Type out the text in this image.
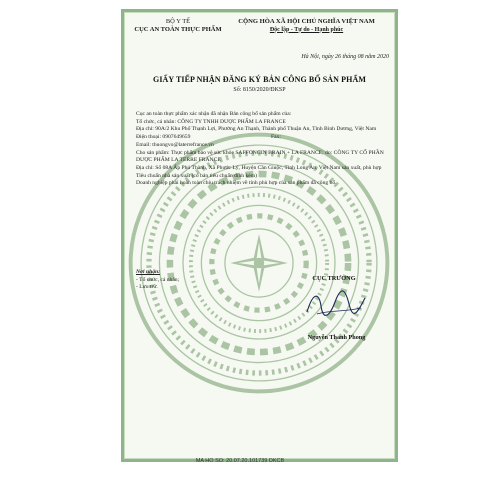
BỘ Y TẾ
CỤC AN TOÀN THỰC PHẨM
CỘNG HÒA XÃ HỘI CHỦ NGHĨA VIỆT NAM
Độc lập - Tự do - Hạnh phúc
Hà Nội, ngày 26 tháng 08 năm 2020
GIẤY TIẾP NHẬN ĐĂNG KÝ BẢN CÔNG BỐ SẢN PHẨM
Số: 8150/2020/ĐKSP

Cục an toàn thực phẩm xác nhận đã nhận Bản công bố sản phẩm của:

Tổ chức, cá nhân: CÔNG TY TNHH DƯỢC PHẨM LA FRANCE

Địa chỉ: 90A/2 Khu Phố Thạnh Lợi, Phường An Thạnh, Thành phố Thuận An, Tỉnh Bình Dương, Việt Nam

Điện thoại: 0907649659	Fax:

Email: thuongvo@laterrefrance.vn

Cho sản phẩm: Thực phẩm bảo vệ sức khỏe SAFFONGIN BRAIN + LA FRANCE; do: CÔNG TY CỔ PHẦN DƯỢC PHẨM LA TERRE FRANCE

Địa chỉ: Số 08A Ấp Phú Thành, Xã Phước Lý, Huyện Cần Giuộc, Tỉnh Long An, Việt Nam sản xuất, phù hợp

Tiêu chuẩn nhà sản xuất (có bản tiêu chuẩn đính kèm)

Doanh nghiệp phải hoàn toàn chịu trách nhiệm về tính phù hợp của sản phẩm đã công bố.

Nơi nhận:
- Tổ chức, cá nhân;
- Lưu trữ.
CỤC TRƯỞNG
Nguyễn Thanh Phong
MA HO SO: 20.07.20.101739 DKCB
